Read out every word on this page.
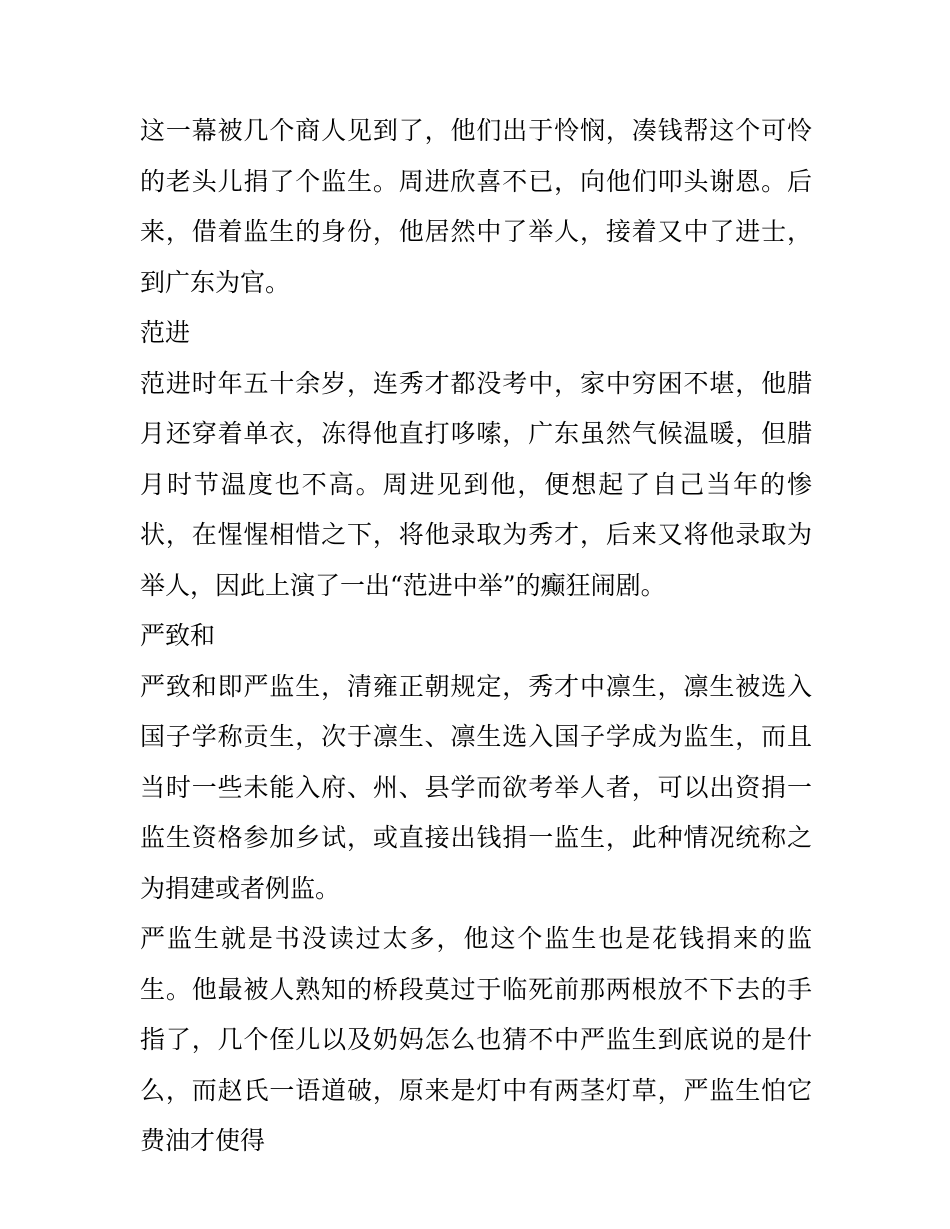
这一幕被几个商人见到了，他们出于怜悯，凑钱帮这个可怜的老头儿捐了个监生。周进欣喜不已，向他们叩头谢恩。后来，借着监生的身份，他居然中了举人，接着又中了进士，到广东为官。

范进

范进时年五十余岁，连秀才都没考中，家中穷困不堪，他腊月还穿着单衣，冻得他直打哆嗦，广东虽然气候温暖，但腊月时节温度也不高。周进见到他，便想起了自己当年的惨状，在惺惺相惜之下，将他录取为秀才，后来又将他录取为举人，因此上演了一出“范进中举”的癫狂闹剧。

严致和

严致和即严监生，清雍正朝规定，秀才中凛生，凛生被选入国子学称贡生，次于凛生、凛生选入国子学成为监生，而且当时一些未能入府、州、县学而欲考举人者，可以出资捐一监生资格参加乡试，或直接出钱捐一监生，此种情况统称之为捐建或者例监。

严监生就是书没读过太多，他这个监生也是花钱捐来的监生。他最被人熟知的桥段莫过于临死前那两根放不下去的手指了，几个侄儿以及奶妈怎么也猜不中严监生到底说的是什么，而赵氏一语道破，原来是灯中有两茎灯草，严监生怕它费油才使得
